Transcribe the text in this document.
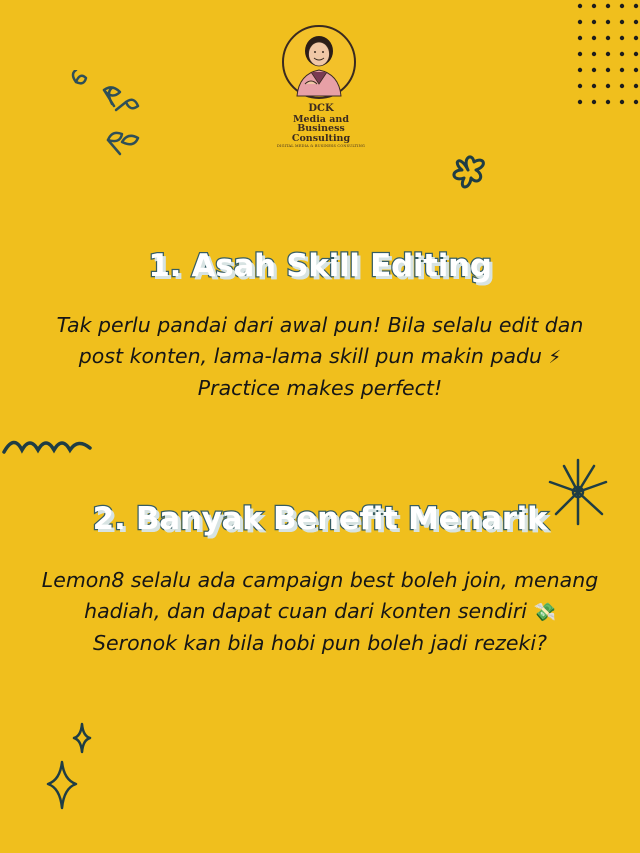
DCK
Media and Business
Consulting
DIGITAL MEDIA & BUSINESS CONSULTING
1. Asah Skill Editing

Tak perlu pandai dari awal pun! Bila selalu edit dan post konten, lama-lama skill pun makin padu ⚡ Practice makes perfect!

2. Banyak Benefit Menarik

Lemon8 selalu ada campaign best boleh join, menang hadiah, dan dapat cuan dari konten sendiri 💸 Seronok kan bila hobi pun boleh jadi rezeki?
